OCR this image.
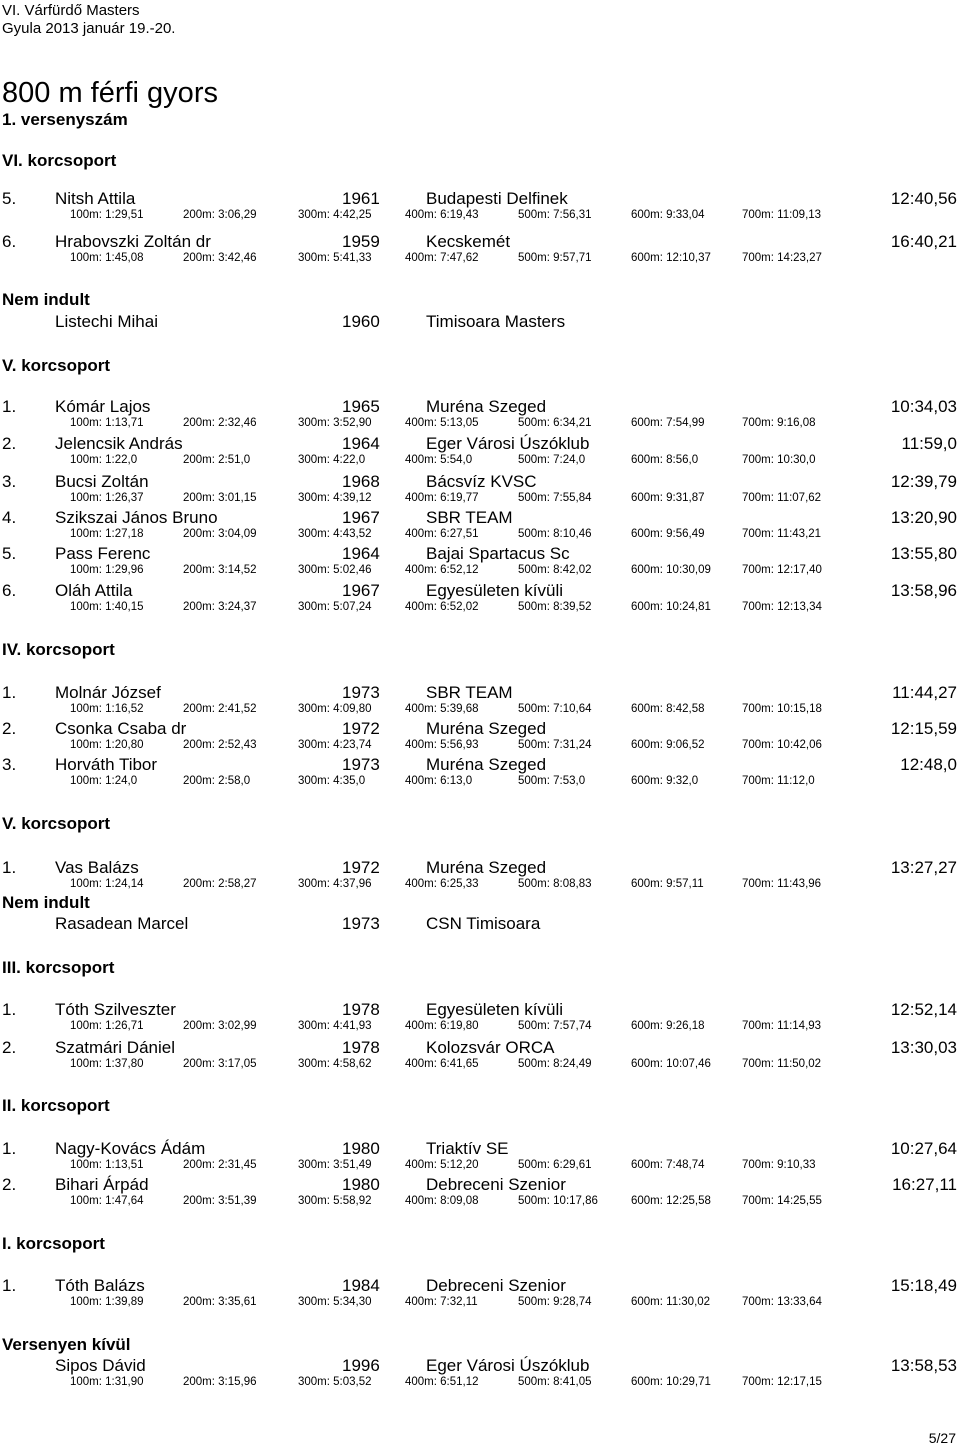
VI. Várfürdő Masters
Gyula 2013 január 19.-20.
800 m férfi gyors
1. versenyszám
VI. korcsoport
5. Nitsh Attila	1961	Budapesti Delfinek	12:40,56
100m: 1:29,51	200m: 3:06,29	300m: 4:42,25	400m: 6:19,43	500m: 7:56,31	600m: 9:33,04	700m: 11:09,13
6. Hrabovszki Zoltán dr	1959	Kecskemét	16:40,21
100m: 1:45,08	200m: 3:42,46	300m: 5:41,33	400m: 7:47,62	500m: 9:57,71	600m: 12:10,37	700m: 14:23,27
Nem indult
Listechi Mihai	1960	Timisoara Masters
V. korcsoport
1. Kómár Lajos	1965	Muréna Szeged	10:34,03
100m: 1:13,71	200m: 2:32,46	300m: 3:52,90	400m: 5:13,05	500m: 6:34,21	600m: 7:54,99	700m: 9:16,08
2. Jelencsik András	1964	Eger Városi Úszóklub	11:59,0
100m: 1:22,0	200m: 2:51,0	300m: 4:22,0	400m: 5:54,0	500m: 7:24,0	600m: 8:56,0	700m: 10:30,0
3. Bucsi Zoltán	1968	Bácsvíz KVSC	12:39,79
100m: 1:26,37	200m: 3:01,15	300m: 4:39,12	400m: 6:19,77	500m: 7:55,84	600m: 9:31,87	700m: 11:07,62
4. Szikszai János Bruno	1967	SBR TEAM	13:20,90
100m: 1:27,18	200m: 3:04,09	300m: 4:43,52	400m: 6:27,51	500m: 8:10,46	600m: 9:56,49	700m: 11:43,21
5. Pass Ferenc	1964	Bajai Spartacus Sc	13:55,80
100m: 1:29,96	200m: 3:14,52	300m: 5:02,46	400m: 6:52,12	500m: 8:42,02	600m: 10:30,09	700m: 12:17,40
6. Oláh Attila	1967	Egyesületen kívüli	13:58,96
100m: 1:40,15	200m: 3:24,37	300m: 5:07,24	400m: 6:52,02	500m: 8:39,52	600m: 10:24,81	700m: 12:13,34
IV. korcsoport
1. Molnár József	1973	SBR TEAM	11:44,27
100m: 1:16,52	200m: 2:41,52	300m: 4:09,80	400m: 5:39,68	500m: 7:10,64	600m: 8:42,58	700m: 10:15,18
2. Csonka Csaba dr	1972	Muréna Szeged	12:15,59
100m: 1:20,80	200m: 2:52,43	300m: 4:23,74	400m: 5:56,93	500m: 7:31,24	600m: 9:06,52	700m: 10:42,06
3. Horváth Tibor	1973	Muréna Szeged	12:48,0
100m: 1:24,0	200m: 2:58,0	300m: 4:35,0	400m: 6:13,0	500m: 7:53,0	600m: 9:32,0	700m: 11:12,0
V. korcsoport
1. Vas Balázs	1972	Muréna Szeged	13:27,27
100m: 1:24,14	200m: 2:58,27	300m: 4:37,96	400m: 6:25,33	500m: 8:08,83	600m: 9:57,11	700m: 11:43,96
Nem indult
Rasadean Marcel	1973	CSN Timisoara
III. korcsoport
1. Tóth Szilveszter	1978	Egyesületen kívüli	12:52,14
100m: 1:26,71	200m: 3:02,99	300m: 4:41,93	400m: 6:19,80	500m: 7:57,74	600m: 9:26,18	700m: 11:14,93
2. Szatmári Dániel	1978	Kolozsvár ORCA	13:30,03
100m: 1:37,80	200m: 3:17,05	300m: 4:58,62	400m: 6:41,65	500m: 8:24,49	600m: 10:07,46	700m: 11:50,02
II. korcsoport
1. Nagy-Kovács Ádám	1980	Triaktív SE	10:27,64
100m: 1:13,51	200m: 2:31,45	300m: 3:51,49	400m: 5:12,20	500m: 6:29,61	600m: 7:48,74	700m: 9:10,33
2. Bihari Árpád	1980	Debreceni Szenior	16:27,11
100m: 1:47,64	200m: 3:51,39	300m: 5:58,92	400m: 8:09,08	500m: 10:17,86	600m: 12:25,58	700m: 14:25,55
I. korcsoport
1. Tóth Balázs	1984	Debreceni Szenior	15:18,49
100m: 1:39,89	200m: 3:35,61	300m: 5:34,30	400m: 7:32,11	500m: 9:28,74	600m: 11:30,02	700m: 13:33,64
Versenyen kívül
Sipos Dávid	1996	Eger Városi Úszóklub	13:58,53
100m: 1:31,90	200m: 3:15,96	300m: 5:03,52	400m: 6:51,12	500m: 8:41,05	600m: 10:29,71	700m: 12:17,15
5/27
